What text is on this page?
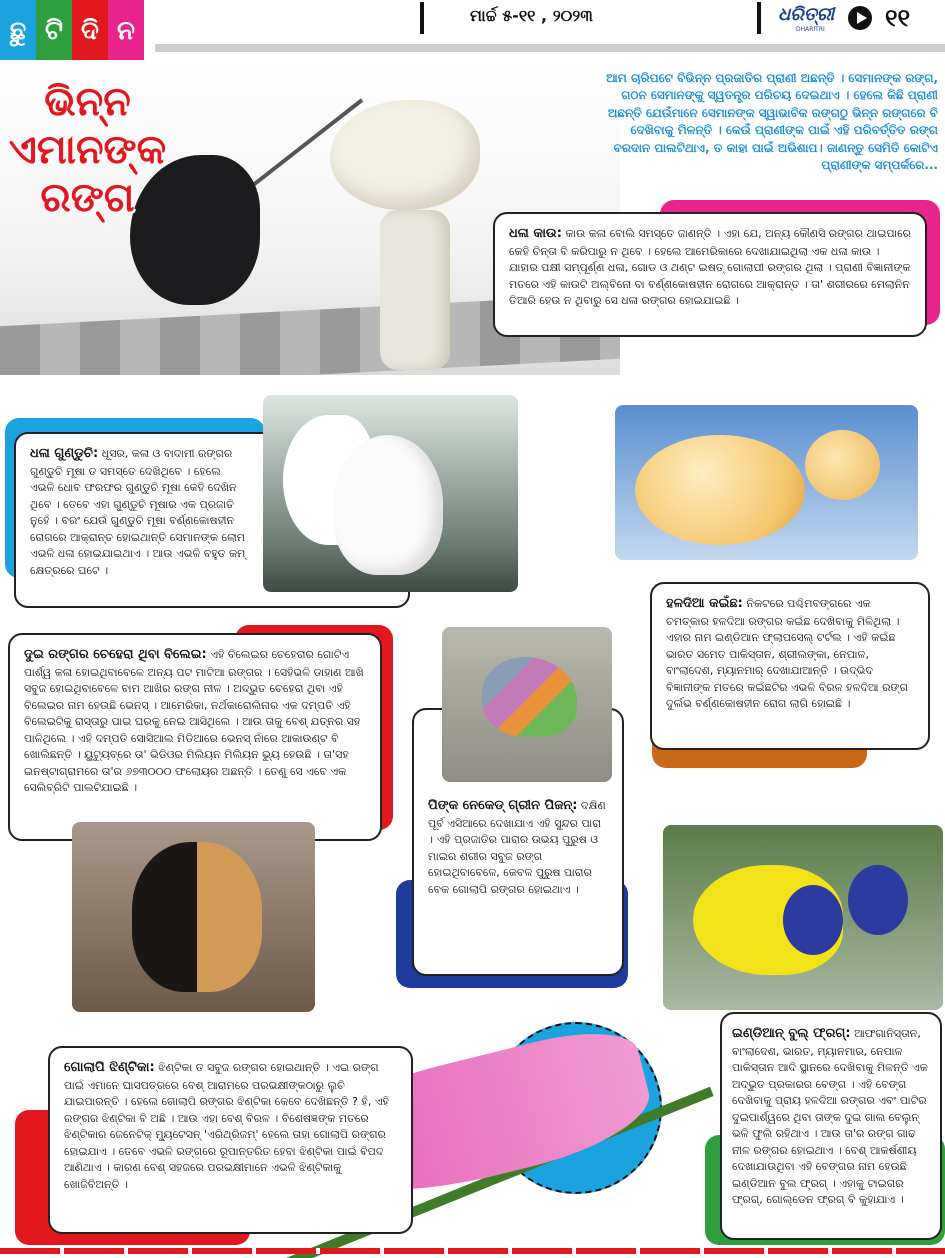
ଛୁ ଟି ଦି ନ	ମାର୍ଚ୍ଚ ୫-୧୧ , ୨୦୨୩	ଧରିତ୍ରୀ
DHARITRI	୧୧
ଭିନ୍ନ
ଏମାନଙ୍କ
ରଙ୍ଗ

ଆମ ଚାରିପଟେ ବିଭିନ୍ନ ପ୍ରଜାତିର ପ୍ରାଣୀ ଅଛନ୍ତି । ସେମାନଙ୍କ ରଙ୍ଗ, ଗଠନ ସେମାନଙ୍କୁ ସ୍ୱତନ୍ତ୍ର ପରିଚୟ ଦେଇଥାଏ । ହେଲେ କିଛି ପ୍ରାଣୀ ଅଛନ୍ତି ଯେଉଁମାନେ ସେମାନଙ୍କ ସ୍ୱାଭାବିକ ରଙ୍ଗଠୁ ଭିନ୍ନ ରଙ୍ଗରେ ବି ଦେଖିବାକୁ ମିଳନ୍ତି । କେଉଁ ପ୍ରାଣୀଙ୍କ ପାଇଁ ଏହି ପରିବର୍ତ୍ତିତ ରଙ୍ଗ ବରଦାନ ପାଲଟିଥାଏ, ତ କାହା ପାଇଁ ଅଭିଶାପ। ଜାଣନ୍ତୁ ସେମିତି କୋଟିଏ ପ୍ରାଣୀଙ୍କ ସମ୍ପର୍କରେ...

ଧଳା କାଉ: କାଉ କଳା ବୋଲି ସମସ୍ତେ ଜାଣନ୍ତି । ଏହା ଯେ, ଅନ୍ୟ କୌଣସି ରଙ୍ଗର ଥାଇପାରେ କେହି ଚିନ୍ତା ବି କରିପାରୁ ନ ଥିବେ । ହେଲେ ଆମେରିକାରେ ଦେଖାଯାଇଥିଲା ଏକ ଧଳା କାଉ । ଯାହାର ପକ୍ଷୀ ସମ୍ପୂର୍ଣ୍ଣ ଧଳା, ଗୋଡ ଓ ଥଣ୍ଟ ଇଷତ୍ ଗୋଲାପୀ ରଙ୍ଗର ଥିଲା । ପ୍ରାଣୀ ବିଜ୍ଞାନୀଙ୍କ ମତରେ ଏହି କାଉଟି ଅଲ୍‌ବିନୋ ବା ବର୍ଣ୍ଣକୋଷହୀନ ରୋଗରେ ଆକ୍ରାନ୍ତ । ତା' ଶରୀରରେ ମେଲାନିନ ତିଆରି ହେଉ ନ ଥିବାରୁ ସେ ଧଳା ରଙ୍ଗର ହୋଇଯାଇଛି ।
ଧଳା ଗୁଣ୍ଡୁଚି: ଧୂସର, କଳା ଓ ବାଦାମୀ ରଙ୍ଗର ଗୁଣ୍ଡୁଚି ମୂଷା ତ ସମସ୍ତେ ଦେଖିଥିବେ । ହେଲେ ଏଭଳି ଧୋବ ଫରଫର ଗୁଣ୍ଡୁଚି ମୂଷା କେହି ଦେଖିନ ଥିବେ । ତେବେ ଏହା ଗୁଣ୍ଡୁଚି ମୂଷାର ଏକ ପ୍ରଜାତି ନୁହେଁ । ବରଂ ଯେଉଁ ଗୁଣ୍ଡୁଚି ମୂଷା ବର୍ଣ୍ଣକୋଷହୀନ ରୋଗରେ ଆକ୍ରାନ୍ତ ହୋଇଥାନ୍ତି ସେମାନଙ୍କ ଲୋମ ଏଭଳି ଧଳା ହୋଇଯାଇଥାଏ । ଆଉ ଏଭଳି ବହୁତ କମ୍ କ୍ଷେତ୍ରରେ ଘଟେ ।
ହଳଦିଆ କଇଁଛ: ନିକଟରେ ପଶ୍ଚିମବଙ୍ଗରେ ଏକ ଚମତ୍କାର ହଳଦିଆ ରଙ୍ଗର କଇଁଛ ଦେଖିବାକୁ ମିଳିଥିଲା । ଏହାର ନାମ ଇଣ୍ଡିଆନ ଫ୍ଲାପସେଲ୍ ଟର୍ଟଲ । ଏହି କଇଁଛ ଭାରତ ସମେତ ପାକିସ୍ତାନ, ଶ୍ରୀଲଙ୍କା, ନେପାଳ, ବାଂଲାଦେଶ, ମ୍ୟାନମାର୍ ଦେଖାଯାଆନ୍ତି । ଉଦ୍ଭିଦ ବିଜ୍ଞାନୀଙ୍କ ମତରେ କଇଁଛଟିର ଏଭଳି ବିରଳ ହଳଦିଆ ରଙ୍ଗ ଦୁର୍ଲଭ ବର୍ଣ୍ଣକୋଷହୀନ ରୋଗ ଲାଗି ହୋଇଛି ।
ଦୁଇ ରଙ୍ଗର ଚେହେରା ଥିବା ବିଲେଇ: ଏହି ବିଲେଇର ଚେହେରାର ଗୋଟିଏ ପାର୍ଶ୍ୱ କଳା ହୋଇଥିବାବେଳେ ଅନ୍ୟ ପଟ ମାଟିଆ ରଙ୍ଗର । ସେହିଭଳି ଡାହାଣ ଆଖି ସବୁଜ ହୋଇଥିବାବେଳେ ବାମ ଆଖିର ରଙ୍ଗ ନୀଳ । ଅଦ୍ଭୁତ ଚେହେରା ଥିବା ଏହି ବିଲେଇର ନାମ ହେଉଛି ଭେନସ୍ । ଆମେରିକା, ନର୍ଥକାରୋଲିନାର ଏକ ଦମ୍ପତି ଏହି ବିଲେଇଟିକୁ ରାସ୍ତାରୁ ପାଇ ଘରକୁ ନେଇ ଆସିଥିଲେ । ଆଉ ତାକୁ ବେଶ୍ ଯତ୍ନର ସହ ପାଳିଥିଲେ । ଏହି ଦମ୍ପତି ସୋସିଆଲ ମିଡିଆରେ ଭେନସ୍ ନାଁରେ ଆକାଉଣ୍ଟ ବି ଖୋଲିଛନ୍ତି । ୟୁଟ୍ୟୁବ୍‌ରେ ତା' ଭିଡିଓର ମିଲିୟନ ମିଲିୟନ ଭ୍ୟୁ ହେଉଛି । ତା'ସହ ଇନଷ୍ଟାଗ୍ରାମରେ ତା'ର ୬୭୩୦୦୦ ଫଲୋୟର ଅଛନ୍ତି । ତେଣୁ ସେ ଏବେ ଏକ ସେଲିବ୍ରିଟି ପାଲଟିଯାଇଛି ।
ପିଙ୍କ ନେକେଡ୍ ଗ୍ରୀନ ପିଜନ୍: ଦକ୍ଷିଣ ପୂର୍ବ ଏସିଆରେ ଦେଖାଯାଏ ଏହି ସୁନ୍ଦର ପାରା । ଏହି ପ୍ରଜାତିର ପାରାର ଉଭୟ ପୁରୁଷ ଓ ମାଇ‌ର ଶରୀର ସବୁଜ ରଙ୍ଗ ହୋଇଥିବାବେଳେ, କେବଳ ପୁରୁଷ ପାରାର ବେକ ଗୋଲାପି ରଙ୍ଗର ହୋଇଥାଏ ।
ଇଣ୍ଡିଆନ୍ ବୁଲ୍ ଫ୍ରଗ୍: ଆଫଗାନିସ୍ତାନ, ବାଂଲାଦେଶ, ଭାରତ, ମ୍ୟାନମାର, ନେପାଳ ପାକିସ୍ତାନ ଆଦି ସ୍ଥାନରେ ଦେଖିବାକୁ ମିଳନ୍ତି ଏକ ଅଦ୍ଭୁତ ପ୍ରକାରର ବେଙ୍ଗ । ଏହି ବେଙ୍ଗ ଦେଖିବାକୁ ପ୍ରାୟ ହଳଦିଆ ରଙ୍ଗର ଏବଂ ପାଟିର ଦୁଇପାର୍ଶ୍ୱରେ ଥିବା ତାଙ୍କ ଦୁଇ ଗାଲ ବେଲୁନ୍ ଭଳି ଫୁଲି ରହିଥାଏ । ଆଉ ତା'ର ରଙ୍ଗ ଗାଢ ନୀଳ ରଙ୍ଗର ହୋଇଥାଏ । ବେଶ୍ ଆକର୍ଷଣୀୟ ଦେଖାଯାଉଥିବା ଏହି ବେଙ୍ଗର ନାମ ହେଉଛି ଇଣ୍ଡିଆନ ବୁଲ ଫ୍ରଗ୍ । ଏହାକୁ ଟାଇଗର ଫ୍ରଗ୍, ଗୋଲ୍ଡେନ ଫ୍ରଗ୍ ବି କୁହାଯାଏ ।
ଗୋଲାପି ଝିଣ୍ଟିକା: ଝିଣ୍ଟିକା ତ ସବୁଜ ରଙ୍ଗର ହୋଇଥାନ୍ତି । ଏଇ ରଙ୍ଗ ପାଇଁ ଏମାନେ ଘାସପତ୍ରରେ ବେଶ୍ ଆରାମରେ ପରଭକ୍ଷୀଙ୍କଠାରୁ ଲୁଚି ଯାଇପାରନ୍ତି । ହେଲେ ଗୋଲାପି ରଙ୍ଗର ଝିଣ୍ଟିକା କେବେ ଦେଖିଛନ୍ତି ? ହଁ, ଏହି ରଙ୍ଗର ଝିଣ୍ଟିକା ବି ଅଛି । ଆଉ ଏହା ବେଶ୍ ବିରଳ । ବିଶେଷଜ୍ଞଙ୍କ ମତରେ ଝିଣ୍ଟିକାର ଜେନେଟିକ୍ ମ୍ୟୁଟେସନ୍ 'ଏରିଥ୍ରିଜମ୍' ହେଲେ ତାହା ଗୋଲାପି ରଙ୍ଗର ହୋଇଯାଏ । ତେବେ ଏଭଳି ରଙ୍ଗରେ ରୂପାନ୍ତରିତ ହେବା ଝିଣ୍ଟିକା ପାଇଁ ବିପଦ ଆଣିଥାଏ । କାରଣ ବେଶ୍ ସହଜରେ ପରଭକ୍ଷୀମାନେ ଏଭଳି ଝିଣ୍ଟିକାକୁ ଖୋଜିବିଅନ୍ତି ।
